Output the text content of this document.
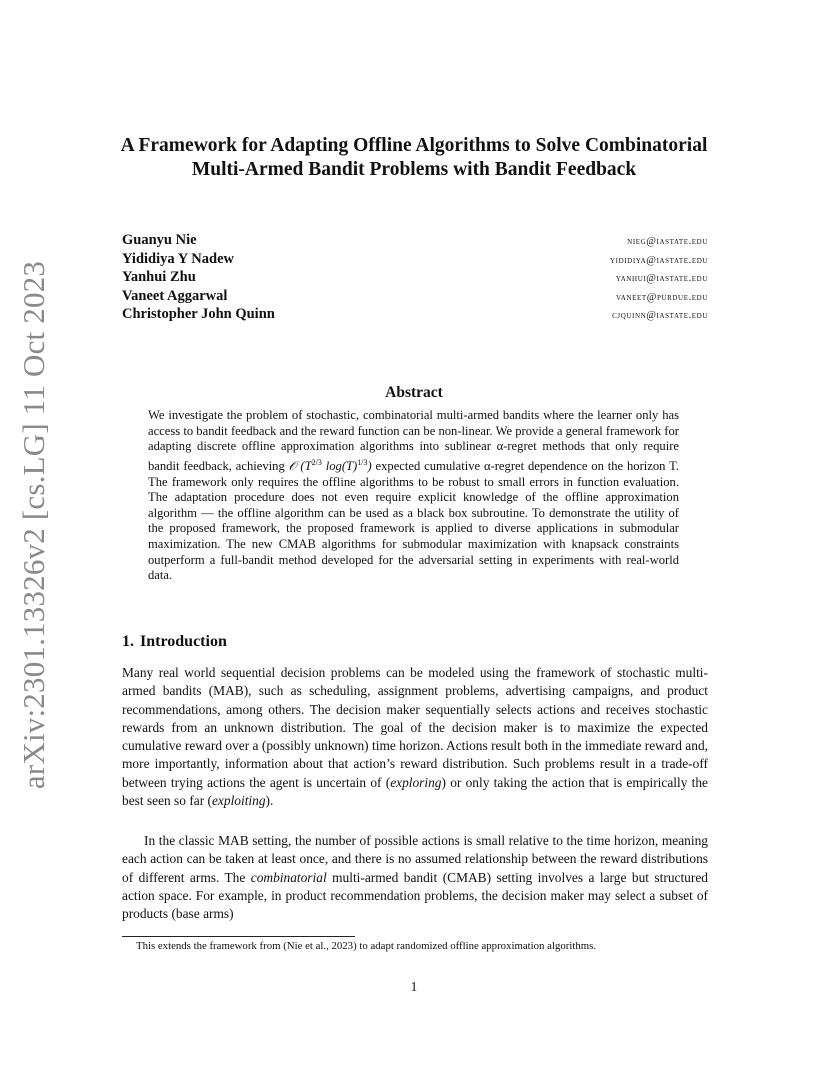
arXiv:2301.13326v2 [cs.LG] 11 Oct 2023
A Framework for Adapting Offline Algorithms to Solve Combinatorial Multi-Armed Bandit Problems with Bandit Feedback
Guanyu Nie	nieg@iastate.edu
Yididiya Y Nadew	yididiya@iastate.edu
Yanhui Zhu	yanhui@iastate.edu
Vaneet Aggarwal	vaneet@purdue.edu
Christopher John Quinn	cjquinn@iastate.edu
Abstract

We investigate the problem of stochastic, combinatorial multi-armed bandits where the learner only has access to bandit feedback and the reward function can be non-linear. We provide a general framework for adapting discrete offline approximation algorithms into sublinear α-regret methods that only require bandit feedback, achieving 𝒪 ($T^{2/3}$ $\log(T)^{1/3}$) expected cumulative α-regret dependence on the horizon T. The framework only requires the offline algorithms to be robust to small errors in function evaluation. The adaptation procedure does not even require explicit knowledge of the offline approximation algorithm — the offline algorithm can be used as a black box subroutine. To demonstrate the utility of the proposed framework, the proposed framework is applied to diverse applications in submodular maximization. The new CMAB algorithms for submodular maximization with knapsack constraints outperform a full-bandit method developed for the adversarial setting in experiments with real-world data.

1. Introduction

Many real world sequential decision problems can be modeled using the framework of stochastic multi-armed bandits (MAB), such as scheduling, assignment problems, advertising campaigns, and product recommendations, among others. The decision maker sequentially selects actions and receives stochastic rewards from an unknown distribution. The goal of the decision maker is to maximize the expected cumulative reward over a (possibly unknown) time horizon. Actions result both in the immediate reward and, more importantly, information about that action’s reward distribution. Such problems result in a trade-off between trying actions the agent is uncertain of (exploring) or only taking the action that is empirically the best seen so far (exploiting).

In the classic MAB setting, the number of possible actions is small relative to the time horizon, meaning each action can be taken at least once, and there is no assumed relationship between the reward distributions of different arms. The combinatorial multi-armed bandit (CMAB) setting involves a large but structured action space. For example, in product recommendation problems, the decision maker may select a subset of products (base arms)

This extends the framework from (Nie et al., 2023) to adapt randomized offline approximation algorithms.

1
